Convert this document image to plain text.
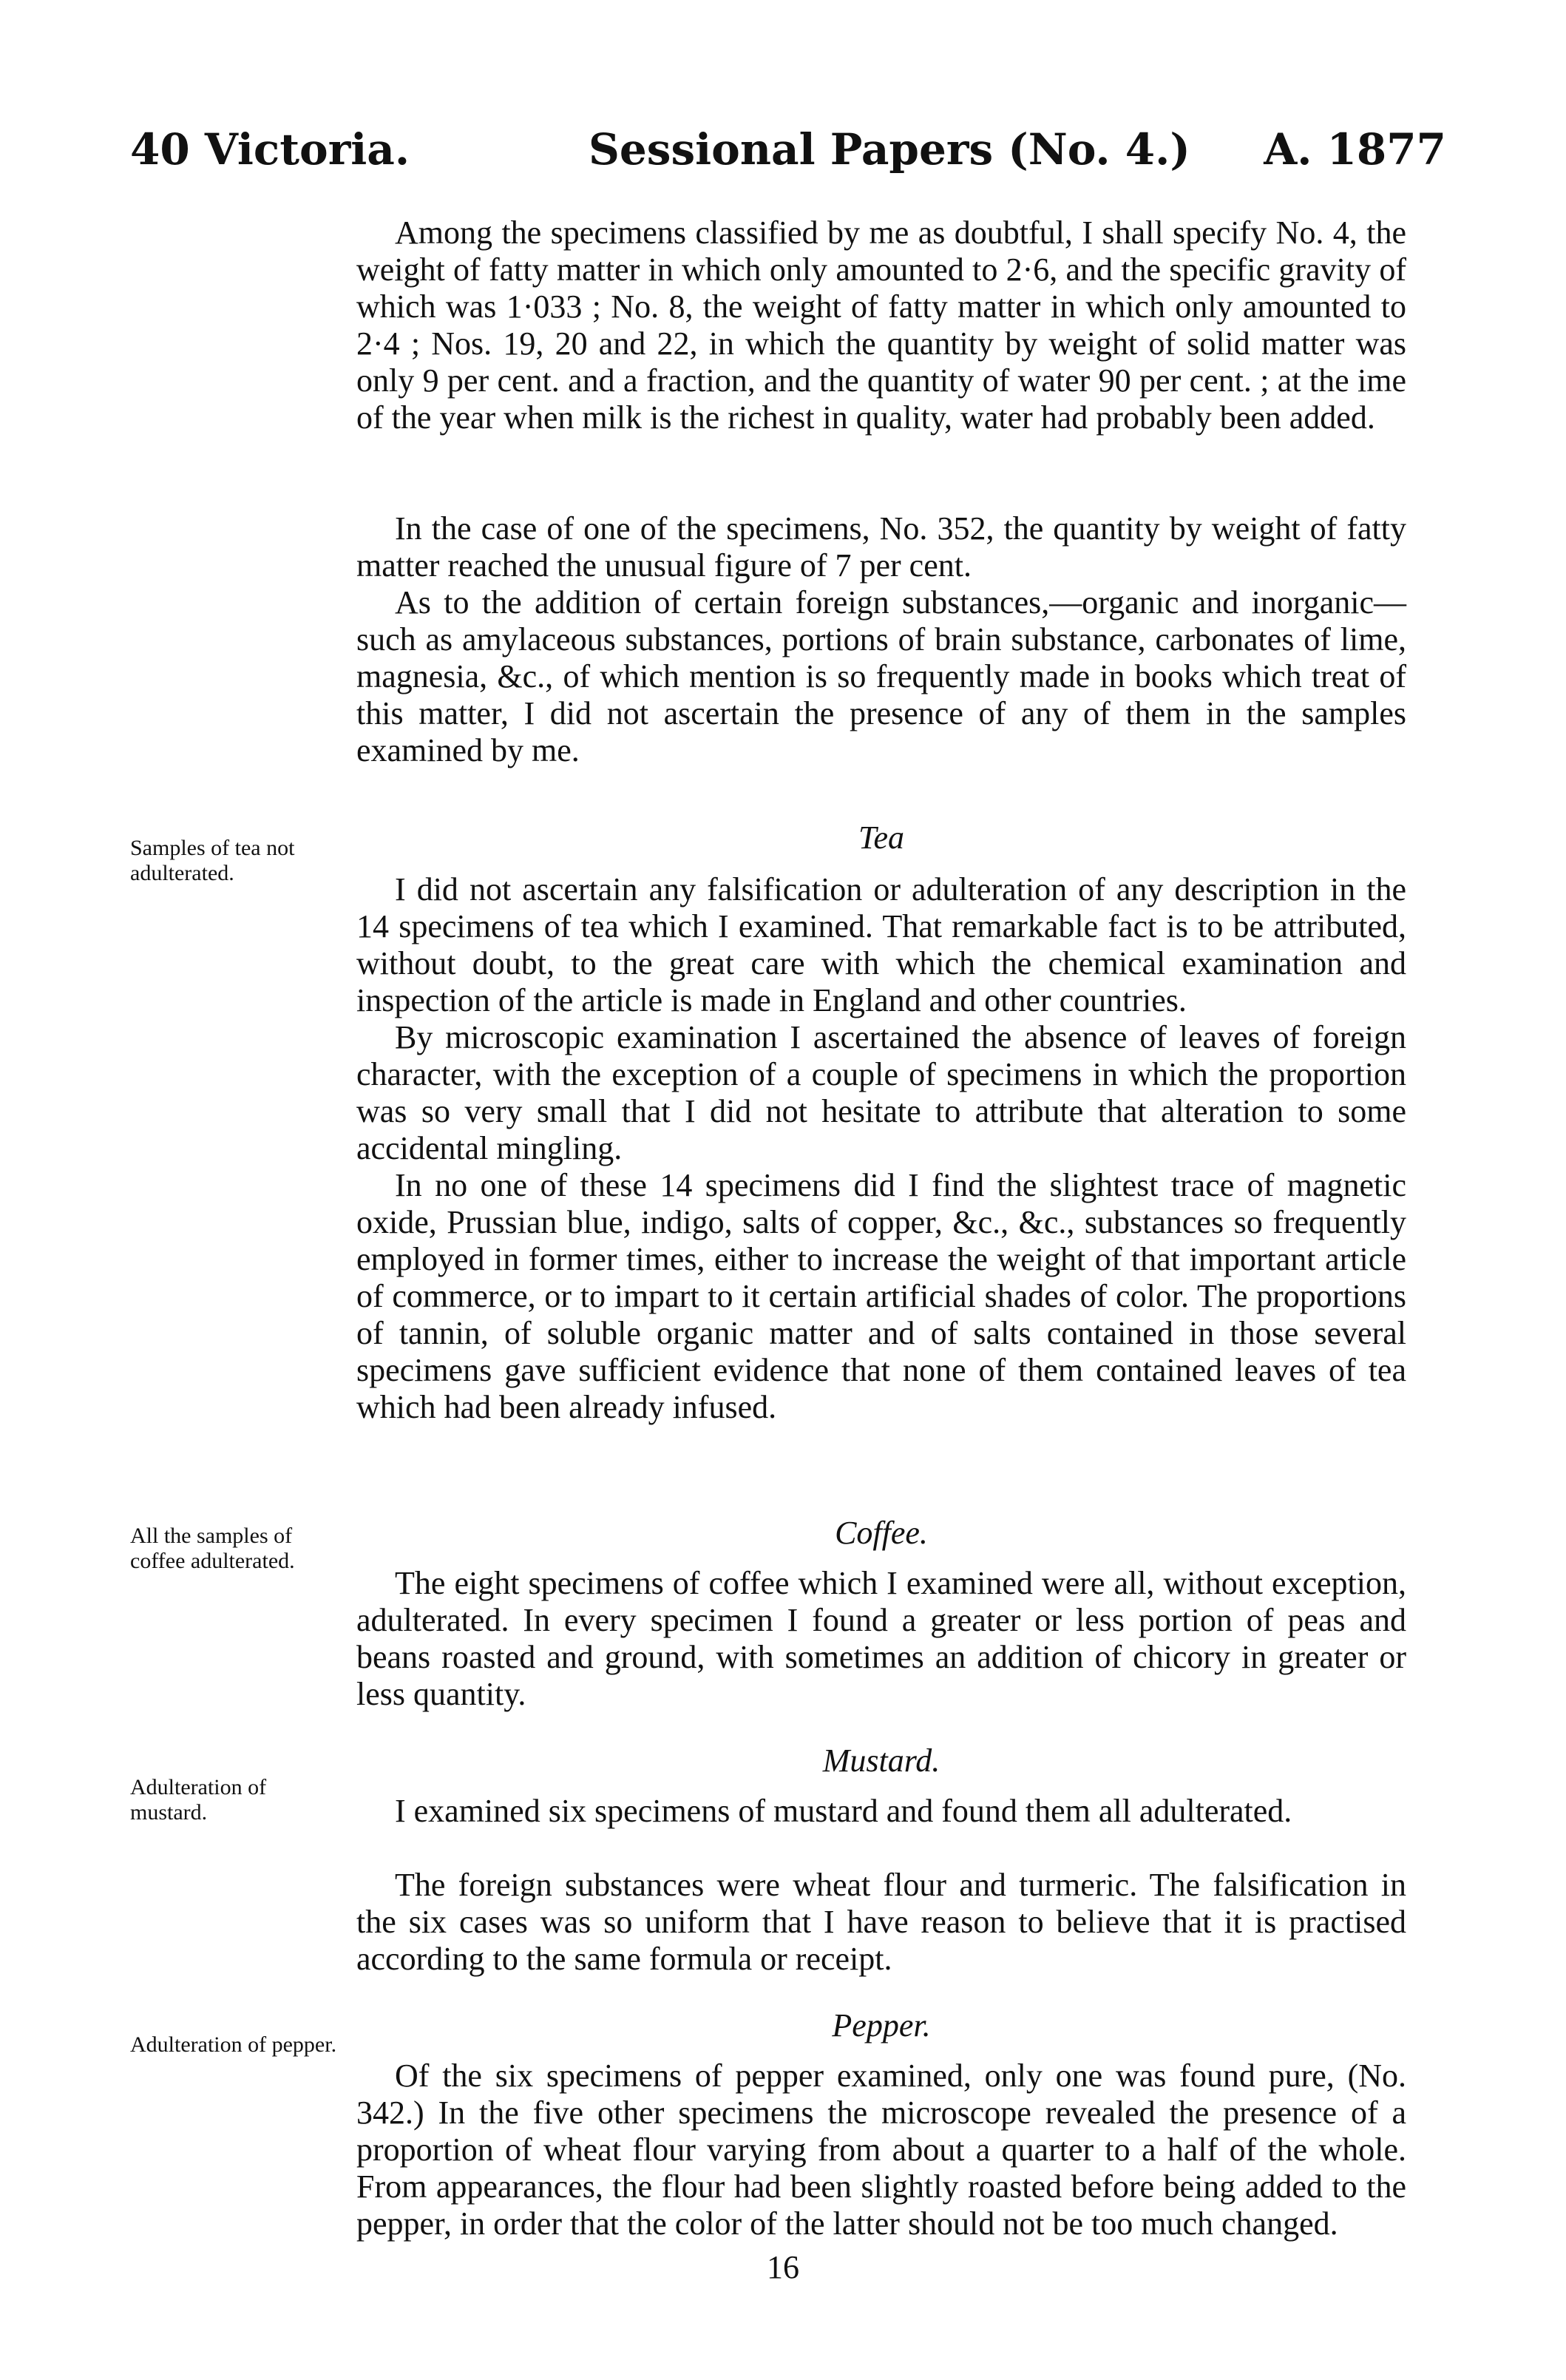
40 Victoria.	Sessional Papers (No. 4.) A. 1877

Among the specimens classified by me as doubtful, I shall specify No. 4, the weight of fatty matter in which only amounted to 2·6, and the specific gravity of which was 1·033 ; No. 8, the weight of fatty matter in which only amounted to 2·4 ; Nos. 19, 20 and 22, in which the quantity by weight of solid matter was only 9 per cent. and a fraction, and the quantity of water 90 per cent. ; at the ime of the year when milk is the richest in quality, water had probably been added.

In the case of one of the specimens, No. 352, the quantity by weight of fatty matter reached the unusual figure of 7 per cent.

As to the addition of certain foreign substances,—organic and inorganic—such as amylaceous substances, portions of brain substance, carbonates of lime, magnesia, &c., of which mention is so frequently made in books which treat of this matter, I did not ascertain the presence of any of them in the samples examined by me.

Tea

I did not ascertain any falsification or adulteration of any description in the 14 specimens of tea which I examined. That remarkable fact is to be attributed, without doubt, to the great care with which the chemical examination and inspection of the article is made in England and other countries.

By microscopic examination I ascertained the absence of leaves of foreign character, with the exception of a couple of specimens in which the proportion was so very small that I did not hesitate to attribute that alteration to some accidental mingling.

In no one of these 14 specimens did I find the slightest trace of magnetic oxide, Prussian blue, indigo, salts of copper, &c., &c., substances so frequently employed in former times, either to increase the weight of that important article of commerce, or to impart to it certain artificial shades of color. The proportions of tannin, of soluble organic matter and of salts contained in those several specimens gave sufficient evidence that none of them contained leaves of tea which had been already infused.

Coffee.

The eight specimens of coffee which I examined were all, without exception, adulterated. In every specimen I found a greater or less portion of peas and beans roasted and ground, with sometimes an addition of chicory in greater or less quantity.

Mustard.

I examined six specimens of mustard and found them all adulterated.

The foreign substances were wheat flour and turmeric. The falsification in the six cases was so uniform that I have reason to believe that it is practised according to the same formula or receipt.

Pepper.

Of the six specimens of pepper examined, only one was found pure, (No. 342.) In the five other specimens the microscope revealed the presence of a proportion of wheat flour varying from about a quarter to a half of the whole. From appearances, the flour had been slightly roasted before being added to the pepper, in order that the color of the latter should not be too much changed.

Samples of tea not adulterated.
All the samples of coffee adulterated.
Adulteration of mustard.
Adulteration of pepper.
16
